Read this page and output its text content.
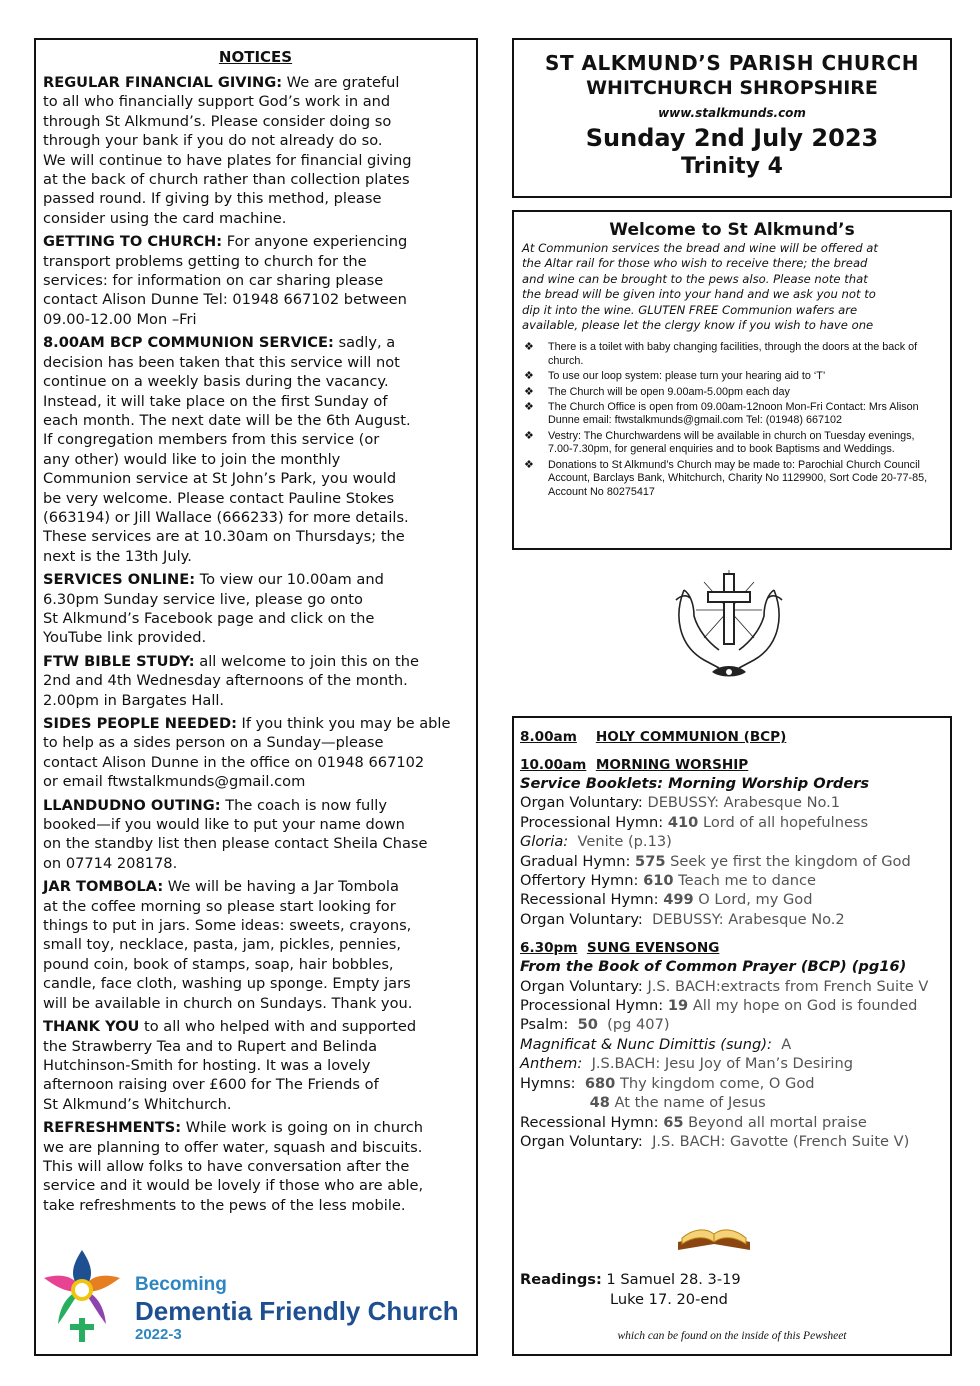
NOTICES
REGULAR FINANCIAL GIVING: We are grateful
to all who financially support God’s work in and
through St Alkmund’s. Please consider doing so
through your bank if you do not already do so.
We will continue to have plates for financial giving
at the back of church rather than collection plates
passed round. If giving by this method, please
consider using the card machine.
GETTING TO CHURCH: For anyone experiencing
transport problems getting to church for the
services: for information on car sharing please
contact Alison Dunne Tel: 01948 667102 between
09.00-12.00 Mon –Fri
8.00AM BCP COMMUNION SERVICE: sadly, a
decision has been taken that this service will not
continue on a weekly basis during the vacancy.
Instead, it will take place on the first Sunday of
each month. The next date will be the 6th August.
If congregation members from this service (or
any other) would like to join the monthly
Communion service at St John’s Park, you would
be very welcome. Please contact Pauline Stokes
(663194) or Jill Wallace (666233) for more details.
These services are at 10.30am on Thursdays; the
next is the 13th July.
SERVICES ONLINE: To view our 10.00am and
6.30pm Sunday service live, please go onto
St Alkmund’s Facebook page and click on the
YouTube link provided.
FTW BIBLE STUDY: all welcome to join this on the
2nd and 4th Wednesday afternoons of the month.
2.00pm in Bargates Hall.
SIDES PEOPLE NEEDED: If you think you may be able
to help as a sides person on a Sunday—please
contact Alison Dunne in the office on 01948 667102
or email ftwstalkmunds@gmail.com
LLANDUDNO OUTING: The coach is now fully
booked—if you would like to put your name down
on the standby list then please contact Sheila Chase
on 07714 208178.
JAR TOMBOLA: We will be having a Jar Tombola
at the coffee morning so please start looking for
things to put in jars. Some ideas: sweets, crayons,
small toy, necklace, pasta, jam, pickles, pennies,
pound coin, book of stamps, soap, hair bobbles,
candle, face cloth, washing up sponge. Empty jars
will be available in church on Sundays. Thank you.
THANK YOU to all who helped with and supported
the Strawberry Tea and to Rupert and Belinda
Hutchinson-Smith for hosting. It was a lovely
afternoon raising over £600 for The Friends of
St Alkmund’s Whitchurch.
REFRESHMENTS: While work is going on in church
we are planning to offer water, squash and biscuits.
This will allow folks to have conversation after the
service and it would be lovely if those who are able,
take refreshments to the pews of the less mobile.
Becoming
Dementia Friendly Church
2022-3
ST ALKMUND’S PARISH CHURCH
WHITCHURCH SHROPSHIRE
www.stalkmunds.com
Sunday 2nd July 2023
Trinity 4
Welcome to St Alkmund’s
At Communion services the bread and wine will be offered at
the Altar rail for those who wish to receive there; the bread
and wine can be brought to the pews also. Please note that
the bread will be given into your hand and we ask you not to
dip it into the wine. GLUTEN FREE Communion wafers are
available, please let the clergy know if you wish to have one
❖ There is a toilet with baby changing facilities, through the doors at the back of church.
❖ To use our loop system: please turn your hearing aid to ‘T’
❖ The Church will be open 9.00am-5.00pm each day
❖ The Church Office is open from 09.00am-12noon Mon-Fri Contact: Mrs Alison Dunne email: ftwstalkmunds@gmail.com Tel: (01948) 667102
❖ Vestry: The Churchwardens will be available in church on Tuesday evenings, 7.00-7.30pm, for general enquiries and to book Baptisms and Weddings.
❖ Donations to St Alkmund’s Church may be made to: Parochial Church Council Account, Barclays Bank, Whitchurch, Charity No 1129900, Sort Code 20-77-85, Account No 80275417
8.00am HOLY COMMUNION (BCP)
10.00am MORNING WORSHIP
Service Booklets: Morning Worship Orders
Organ Voluntary: DEBUSSY: Arabesque No.1
Processional Hymn: 410 Lord of all hopefulness
Gloria:  Venite (p.13)
Gradual Hymn: 575 Seek ye first the kingdom of God
Offertory Hymn: 610 Teach me to dance
Recessional Hymn: 499 O Lord, my God
Organ Voluntary:  DEBUSSY: Arabesque No.2
6.30pm SUNG EVENSONG
From the Book of Common Prayer (BCP) (pg16)
Organ Voluntary: J.S. BACH:extracts from French Suite V
Processional Hymn: 19 All my hope on God is founded
Psalm:  50  (pg 407)
Magnificat & Nunc Dimittis (sung):  A
Anthem:  J.S.BACH: Jesu Joy of Man’s Desiring
Hymns:  680 Thy kingdom come, O God
48 At the name of Jesus
Recessional Hymn: 65 Beyond all mortal praise
Organ Voluntary:  J.S. BACH: Gavotte (French Suite V)
Readings: 1 Samuel 28. 3-19
Luke 17. 20-end
which can be found on the inside of this Pewsheet
